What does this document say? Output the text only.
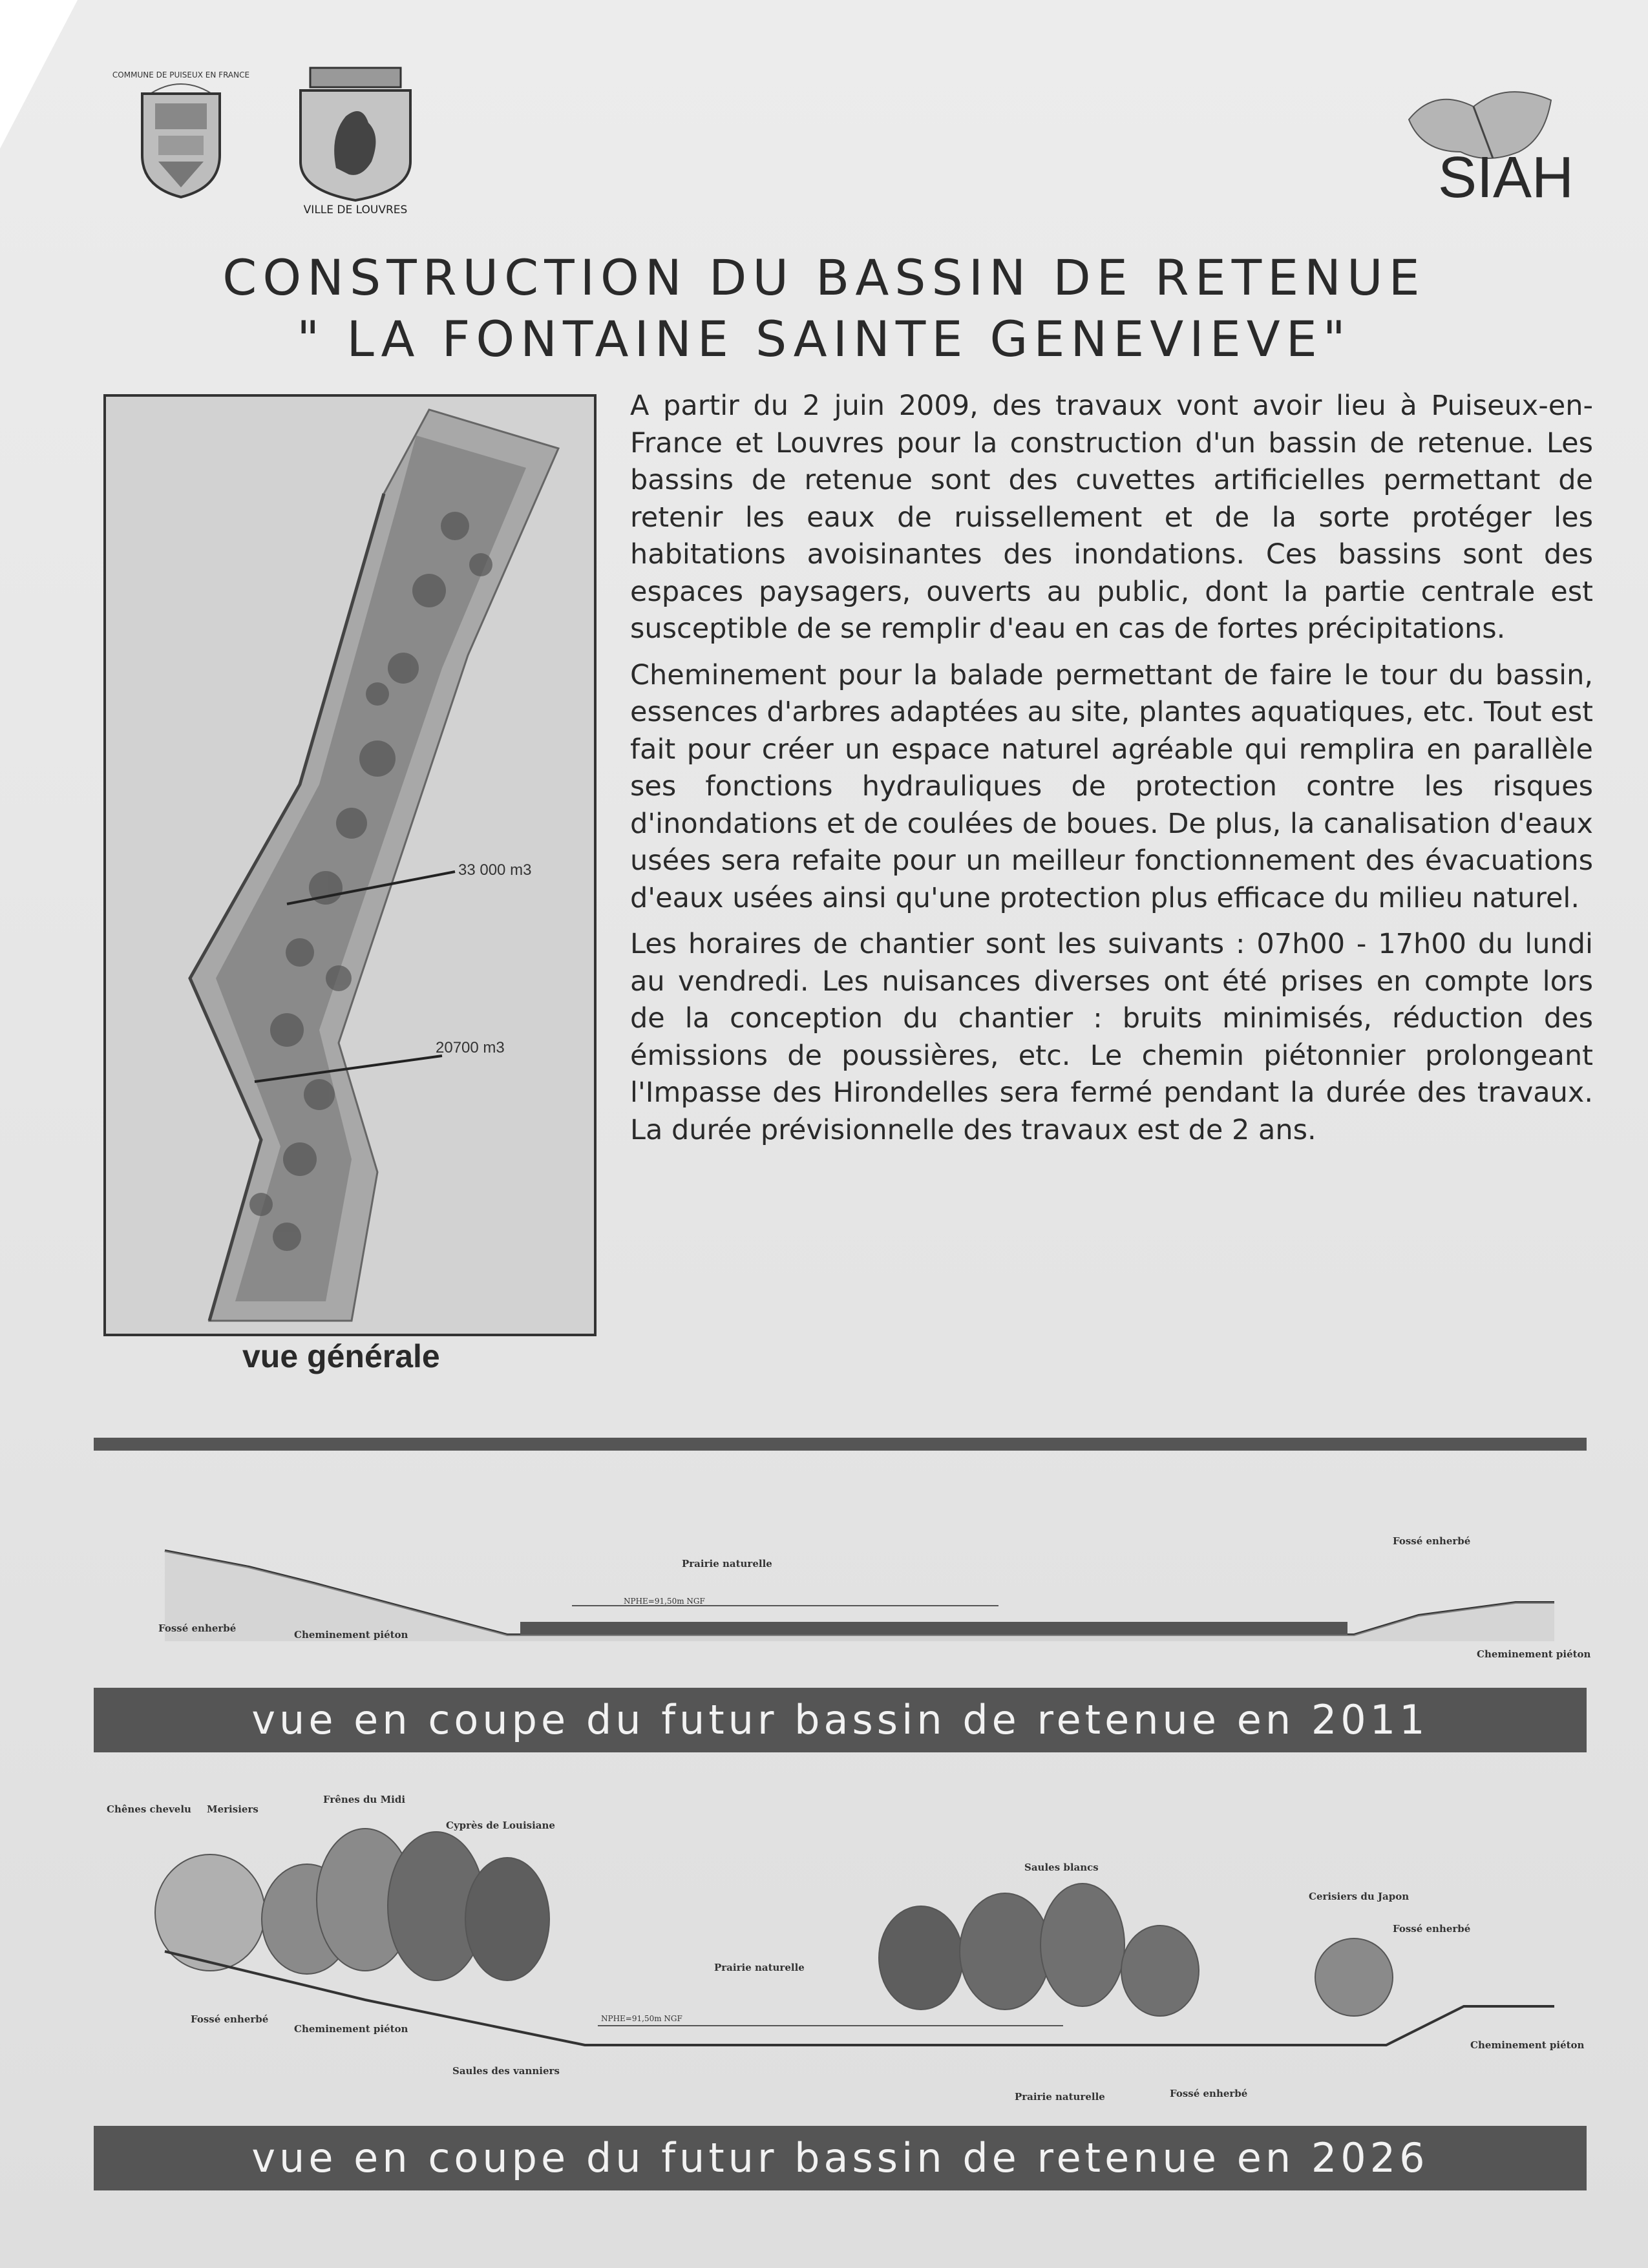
COMMUNE DE PUISEUX EN FRANCE
VILLE DE LOUVRES	SIAH
CONSTRUCTION DU BASSIN DE RETENUE
" LA FONTAINE SAINTE GENEVIEVE"
33 000 m3
20700 m3
vue générale

A partir du 2 juin 2009, des travaux vont avoir lieu à Puiseux-en-France et Louvres pour la construction d'un bassin de retenue. Les bassins de retenue sont des cuvettes artificielles permettant de retenir les eaux de ruissellement et de la sorte protéger les habitations avoisinantes des inondations. Ces bassins sont des espaces paysagers, ouverts au public, dont la partie centrale est susceptible de se remplir d'eau en cas de fortes précipitations.

Cheminement pour la balade permettant de faire le tour du bassin, essences d'arbres adaptées au site, plantes aquatiques, etc. Tout est fait pour créer un espace naturel agréable qui remplira en parallèle ses fonctions hydrauliques de protection contre les risques d'inondations et de coulées de boues. De plus, la canalisation d'eaux usées sera refaite pour un meilleur fonctionnement des évacuations d'eaux usées ainsi qu'une protection plus efficace du milieu naturel.

Les horaires de chantier sont les suivants : 07h00 - 17h00 du lundi au vendredi. Les nuisances diverses ont été prises en compte lors de la conception du chantier : bruits minimisés, réduction des émissions de poussières, etc. Le chemin piétonnier prolongeant l'Impasse des Hirondelles sera fermé pendant la durée des travaux. La durée prévisionnelle des travaux est de 2 ans.

Fossé enherbé
Cheminement piéton
Prairie naturelle
NPHE=91,50m NGF
Fossé enherbé
Cheminement piéton
vue en coupe du futur bassin de retenue en 2011
Chênes chevelu Merisiers
Frênes du Midi
Cyprès de Louisiane
Saules blancs
Cerisiers du Japon
Fossé enherbé
Prairie naturelle
NPHE=91,50m NGF
Fossé enherbé
Cheminement piéton
Saules des vanniers
Prairie naturelle	Fossé enherbé
Cheminement piéton
vue en coupe du futur bassin de retenue en 2026
